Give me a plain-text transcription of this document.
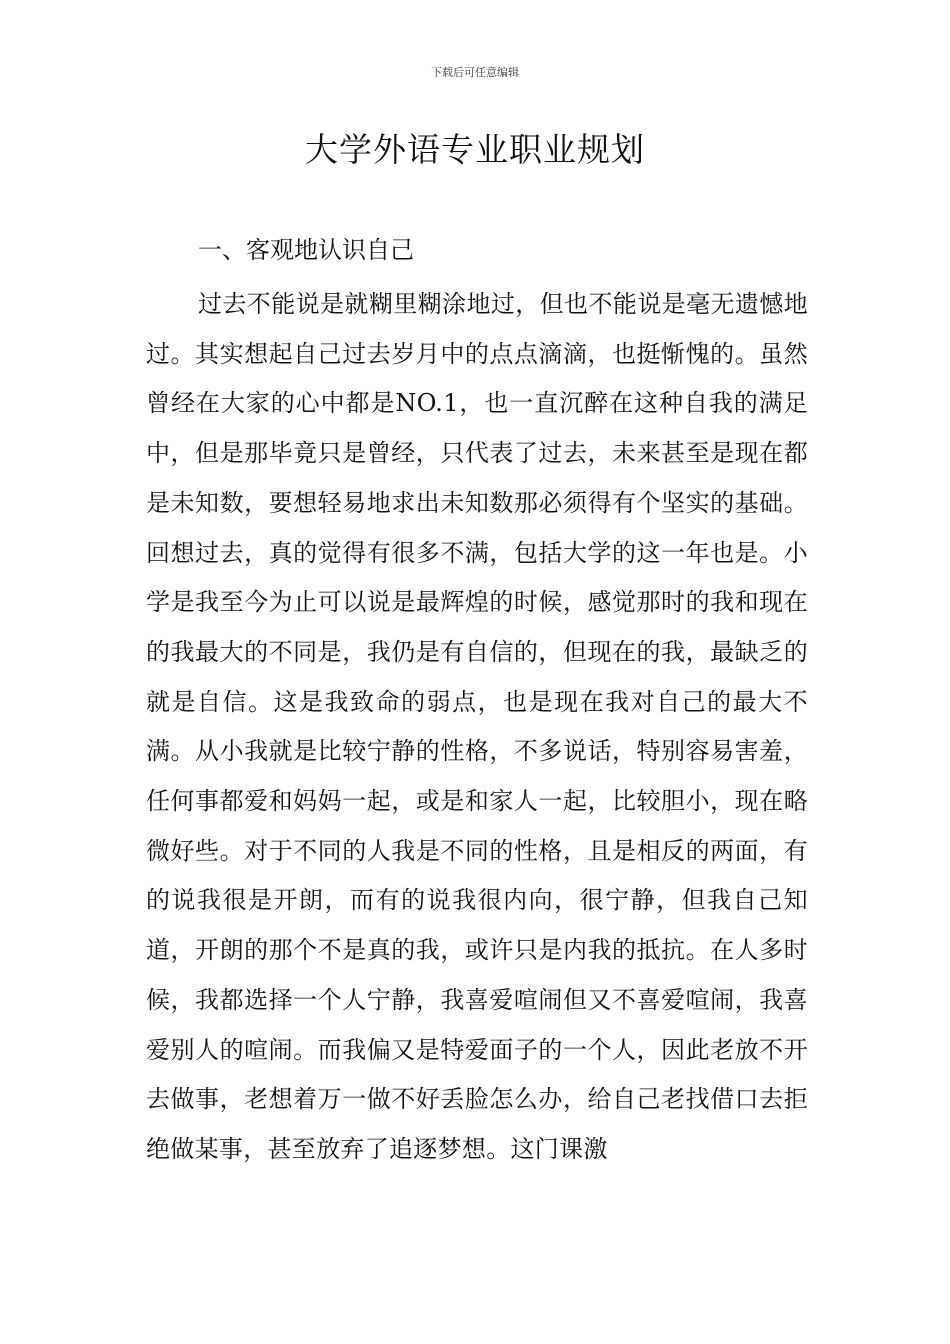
下载后可任意编辑
大学外语专业职业规划
一、客观地认识自己

过去不能说是就糊里糊涂地过，但也不能说是毫无遗憾地过。其实想起自己过去岁月中的点点滴滴，也挺惭愧的。虽然曾经在大家的心中都是NO.1，也一直沉醉在这种自我的满足中，但是那毕竟只是曾经，只代表了过去，未来甚至是现在都是未知数，要想轻易地求出未知数那必须得有个坚实的基础。回想过去，真的觉得有很多不满，包括大学的这一年也是。小学是我至今为止可以说是最辉煌的时候，感觉那时的我和现在的我最大的不同是，我仍是有自信的，但现在的我，最缺乏的就是自信。这是我致命的弱点，也是现在我对自己的最大不满。从小我就是比较宁静的性格，不多说话，特别容易害羞，任何事都爱和妈妈一起，或是和家人一起，比较胆小，现在略微好些。对于不同的人我是不同的性格，且是相反的两面，有的说我很是开朗，而有的说我很内向，很宁静，但我自己知道，开朗的那个不是真的我，或许只是内我的抵抗。在人多时候，我都选择一个人宁静，我喜爱喧闹但又不喜爱喧闹，我喜爱别人的喧闹。而我偏又是特爱面子的一个人，因此老放不开去做事，老想着万一做不好丢脸怎么办，给自己老找借口去拒绝做某事，甚至放弃了追逐梦想。这门课激
